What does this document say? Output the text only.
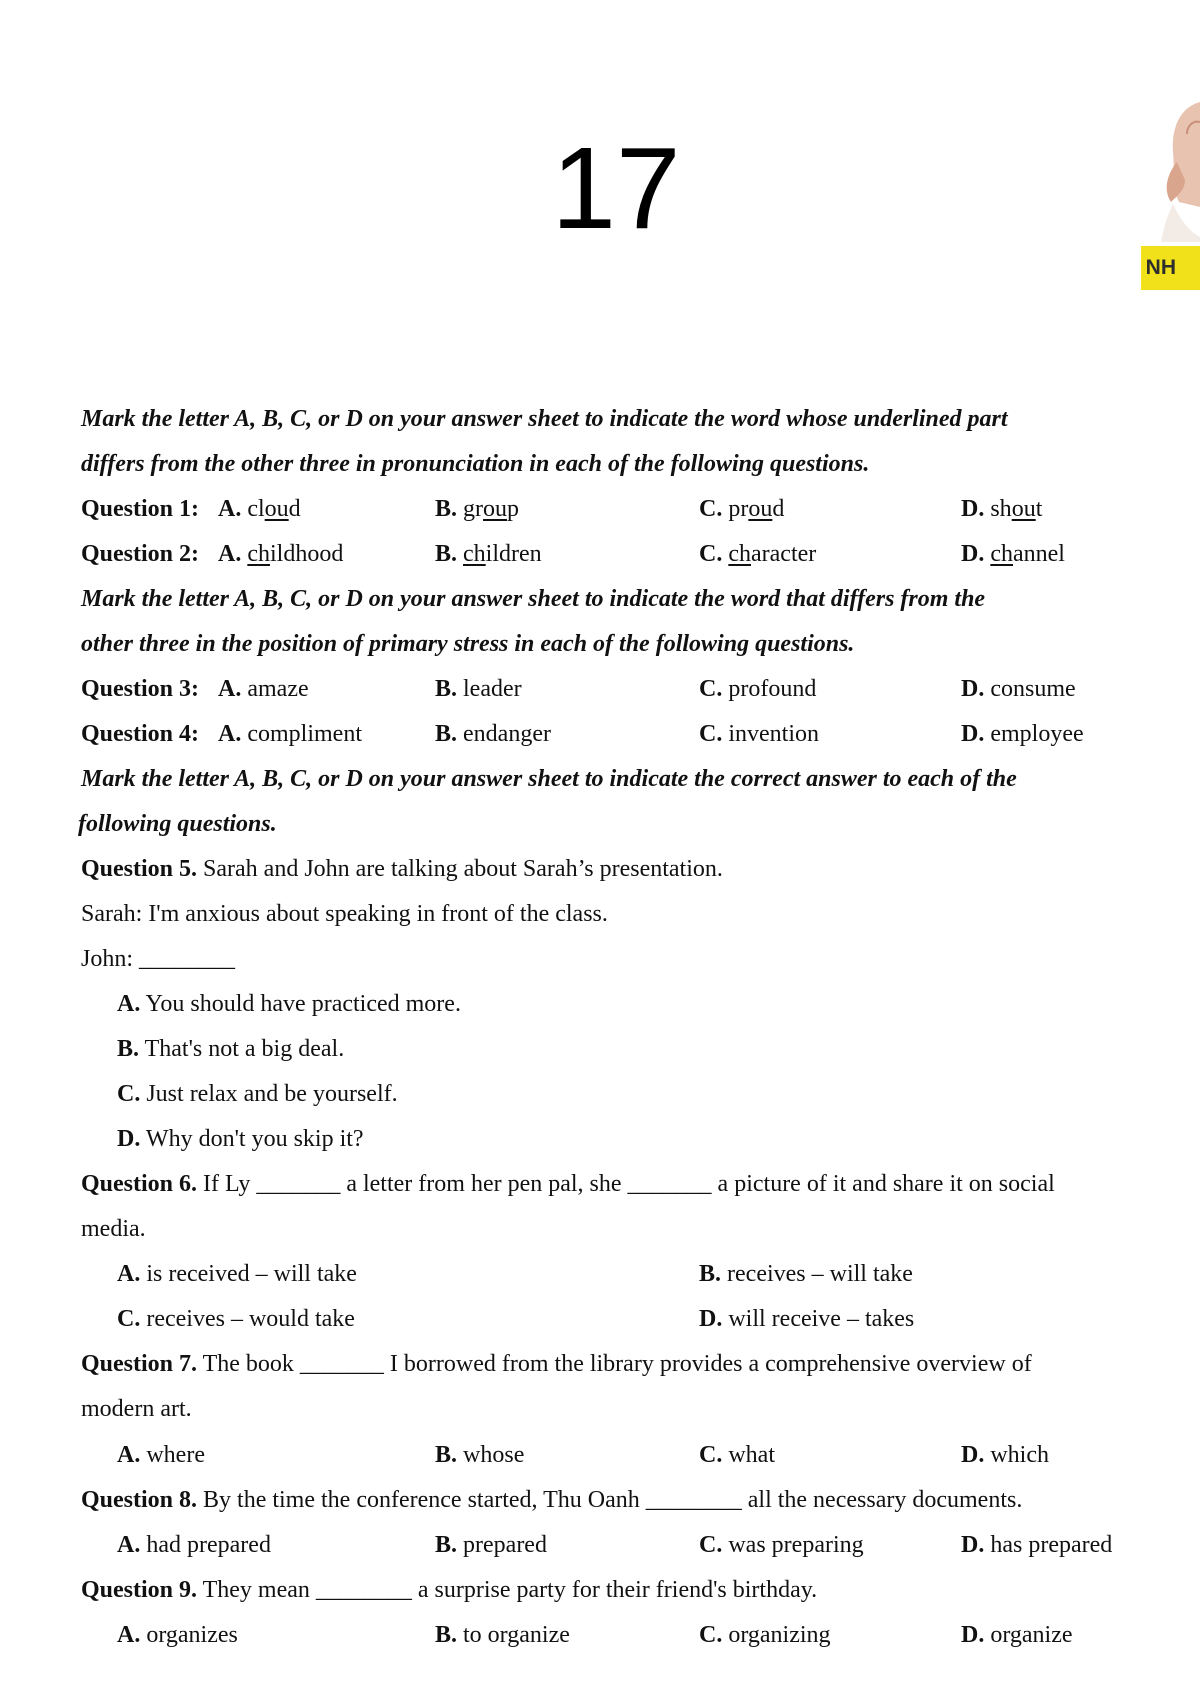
17
NH
Mark the letter A, B, C, or D on your answer sheet to indicate the word whose underlined part
differs from the other three in pronunciation in each of the following questions.
Question 1: A. cloud	B. group	C. proud	D. shout
Question 2: A. childhood	B. children	C. character	D. channel
Mark the letter A, B, C, or D on your answer sheet to indicate the word that differs from the
other three in the position of primary stress in each of the following questions.
Question 3: A. amaze	B. leader	C. profound	D. consume
Question 4: A. compliment	B. endanger	C. invention	D. employee
Mark the letter A, B, C, or D on your answer sheet to indicate the correct answer to each of the
following questions.
Question 5. Sarah and John are talking about Sarah’s presentation.
Sarah: I'm anxious about speaking in front of the class.
John: ________
A. You should have practiced more.
B. That's not a big deal.
C. Just relax and be yourself.
D. Why don't you skip it?
Question 6. If Ly _______ a letter from her pen pal, she _______ a picture of it and share it on social
media.
A. is received – will take	B. receives – will take
C. receives – would take	D. will receive – takes
Question 7. The book _______ I borrowed from the library provides a comprehensive overview of
modern art.
A. where	B. whose	C. what	D. which
Question 8. By the time the conference started, Thu Oanh ________ all the necessary documents.
A. had prepared	B. prepared	C. was preparing	D. has prepared
Question 9. They mean ________ a surprise party for their friend's birthday.
A. organizes	B. to organize	C. organizing	D. organize
